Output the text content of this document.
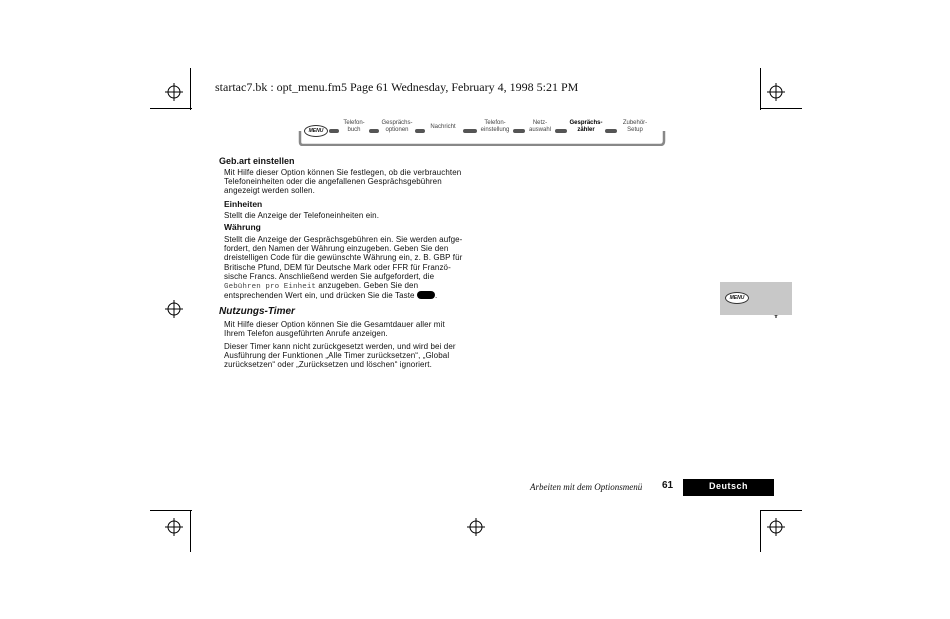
startac7.bk : opt_menu.fm5 Page 61 Wednesday, February 4, 1998 5:21 PM
MENU
Telefon-
buch
Gesprächs-
optionen	Nachricht
Telefon-
einstellung
Netz-
auswahl
Gesprächs-
zähler
Zubehör-
Setup
Geb.art einstellen
Mit Hilfe dieser Option können Sie festlegen, ob die verbrauchten
Telefoneinheiten oder die angefallenen Gesprächsgebühren
angezeigt werden sollen.
Einheiten
Stellt die Anzeige der Telefoneinheiten ein.
Währung
Stellt die Anzeige der Gesprächsgebühren ein. Sie werden aufge-
fordert, den Namen der Währung einzugeben. Geben Sie den
dreistelligen Code für die gewünschte Währung ein, z. B. GBP für
Britische Pfund, DEM für Deutsche Mark oder FFR für Franzö-
sische Francs. Anschließend werden Sie aufgefordert, die
Gebühren pro Einheit anzugeben. Geben Sie den
entsprechenden Wert ein, und drücken Sie die Taste .
Nutzungs-Timer
Mit Hilfe dieser Option können Sie die Gesamtdauer aller mit
Ihrem Telefon ausgeführten Anrufe anzeigen.
Dieser Timer kann nicht zurückgesetzt werden, und wird bei der
Ausführung der Funktionen „Alle Timer zurücksetzen“, „Global
zurücksetzen“ oder „Zurücksetzen und löschen“ ignoriert.
MENU
Arbeiten mit dem Optionsmenü 61	Deutsch
